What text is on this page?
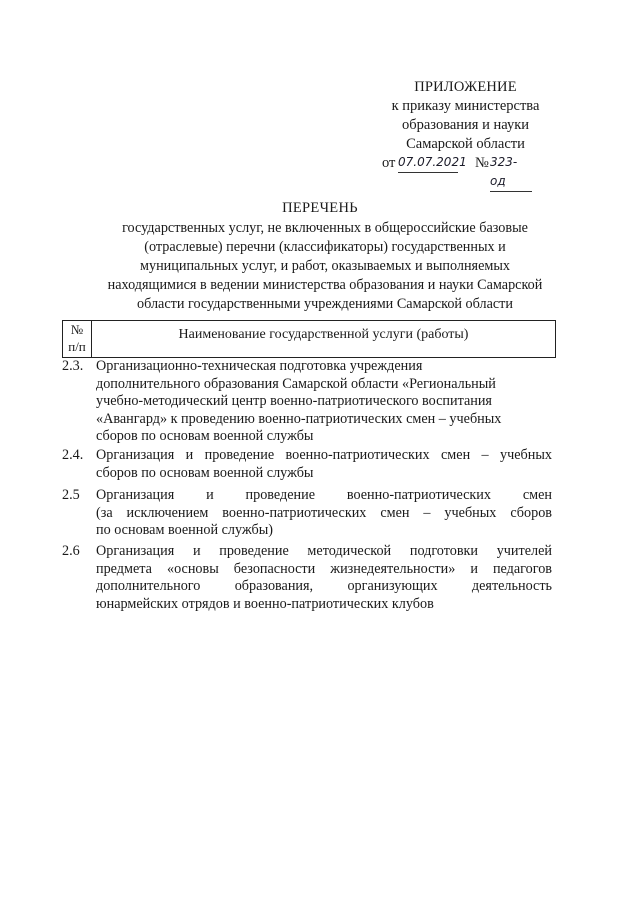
ПРИЛОЖЕНИЕ
к приказу министерства
образования и науки
Самарской области
от 07.07.2021 № 323-од

ПЕРЕЧЕНЬ
государственных услуг, не включенных в общероссийские базовые
(отраслевые) перечни (классификаторы) государственных и
муниципальных услуг, и работ, оказываемых и выполняемых
находящимися в ведении министерства образования и науки Самарской
области государственными учреждениями Самарской области
№
п/п
Наименование государственной услуги (работы)
2.3. Организационно-техническая подготовка учреждения
дополнительного образования Самарской области «Региональный
учебно-методический центр военно-патриотического воспитания
«Авангард» к проведению военно-патриотических смен – учебных
сборов по основам военной службы
2.4. Организация и проведение военно-патриотических смен – учебных
сборов по основам военной службы
2.5	Организация и проведение военно-патриотических смен
(за исключением военно-патриотических смен – учебных сборов
по основам военной службы)
2.6	Организация и проведение методической подготовки учителей
предмета «основы безопасности жизнедеятельности» и педагогов
дополнительного образования, организующих деятельность
юнармейских отрядов и военно-патриотических клубов
